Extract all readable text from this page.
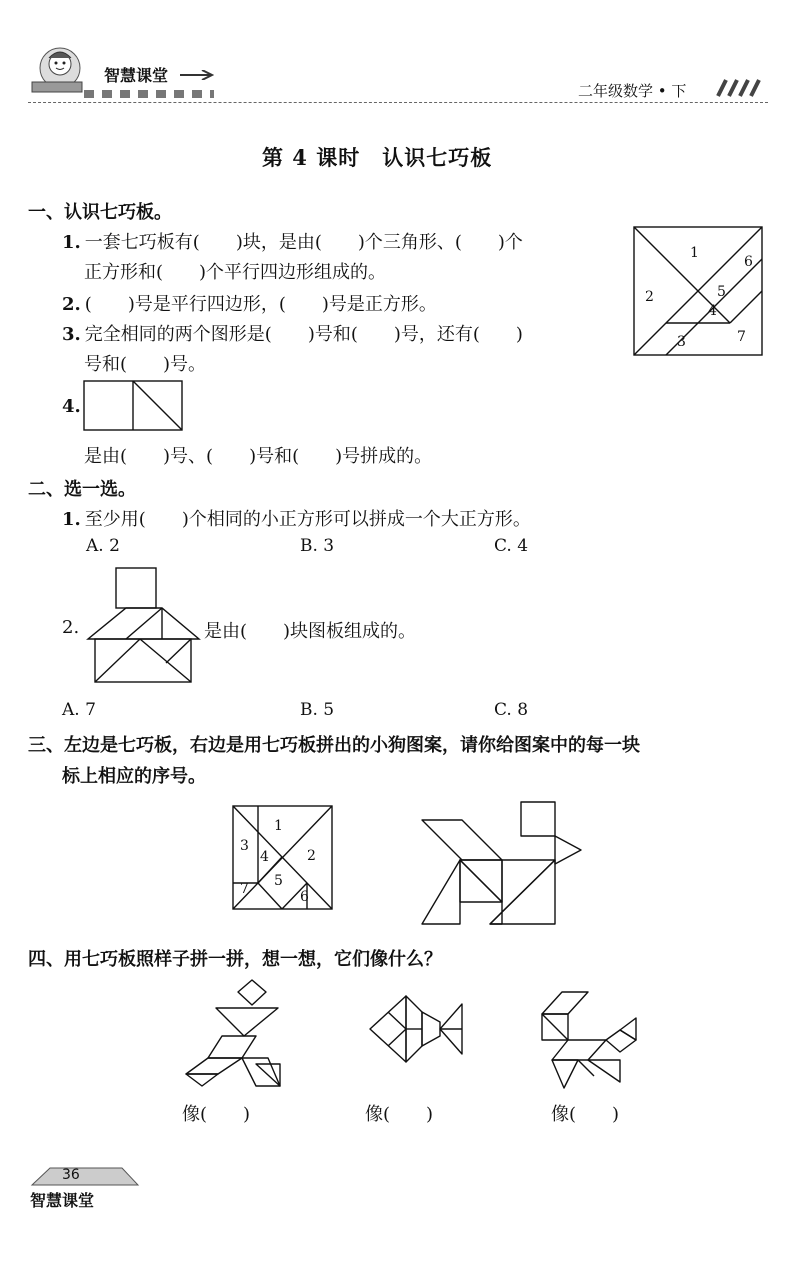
智慧课堂
二年级数学 • 下
第 4 课时　认识七巧板
一、认识七巧板。
1. 一套七巧板有(　　)块，是由(　　)个三角形、(　　)个
正方形和(　　)个平行四边形组成的。
2. (　　)号是平行四边形，(　　)号是正方形。
3. 完全相同的两个图形是(　　)号和(　　)号，还有(　　)
号和(　　)号。
1
2
3
4
5
6
7
4.
是由(　　)号、(　　)号和(　　)号拼成的。
二、选一选。
1. 至少用(　　)个相同的小正方形可以拼成一个大正方形。
A. 2	B. 3	C. 4
2.	是由(　　)块图板组成的。
A. 7	B. 5	C. 8
三、左边是七巧板，右边是用七巧板拼出的小狗图案，请你给图案中的每一块
标上相应的序号。
1
2
3
4
5
6
7
四、用七巧板照样子拼一拼，想一想，它们像什么？
像(　　)	像(　　)	像(　　)
36
智慧课堂
